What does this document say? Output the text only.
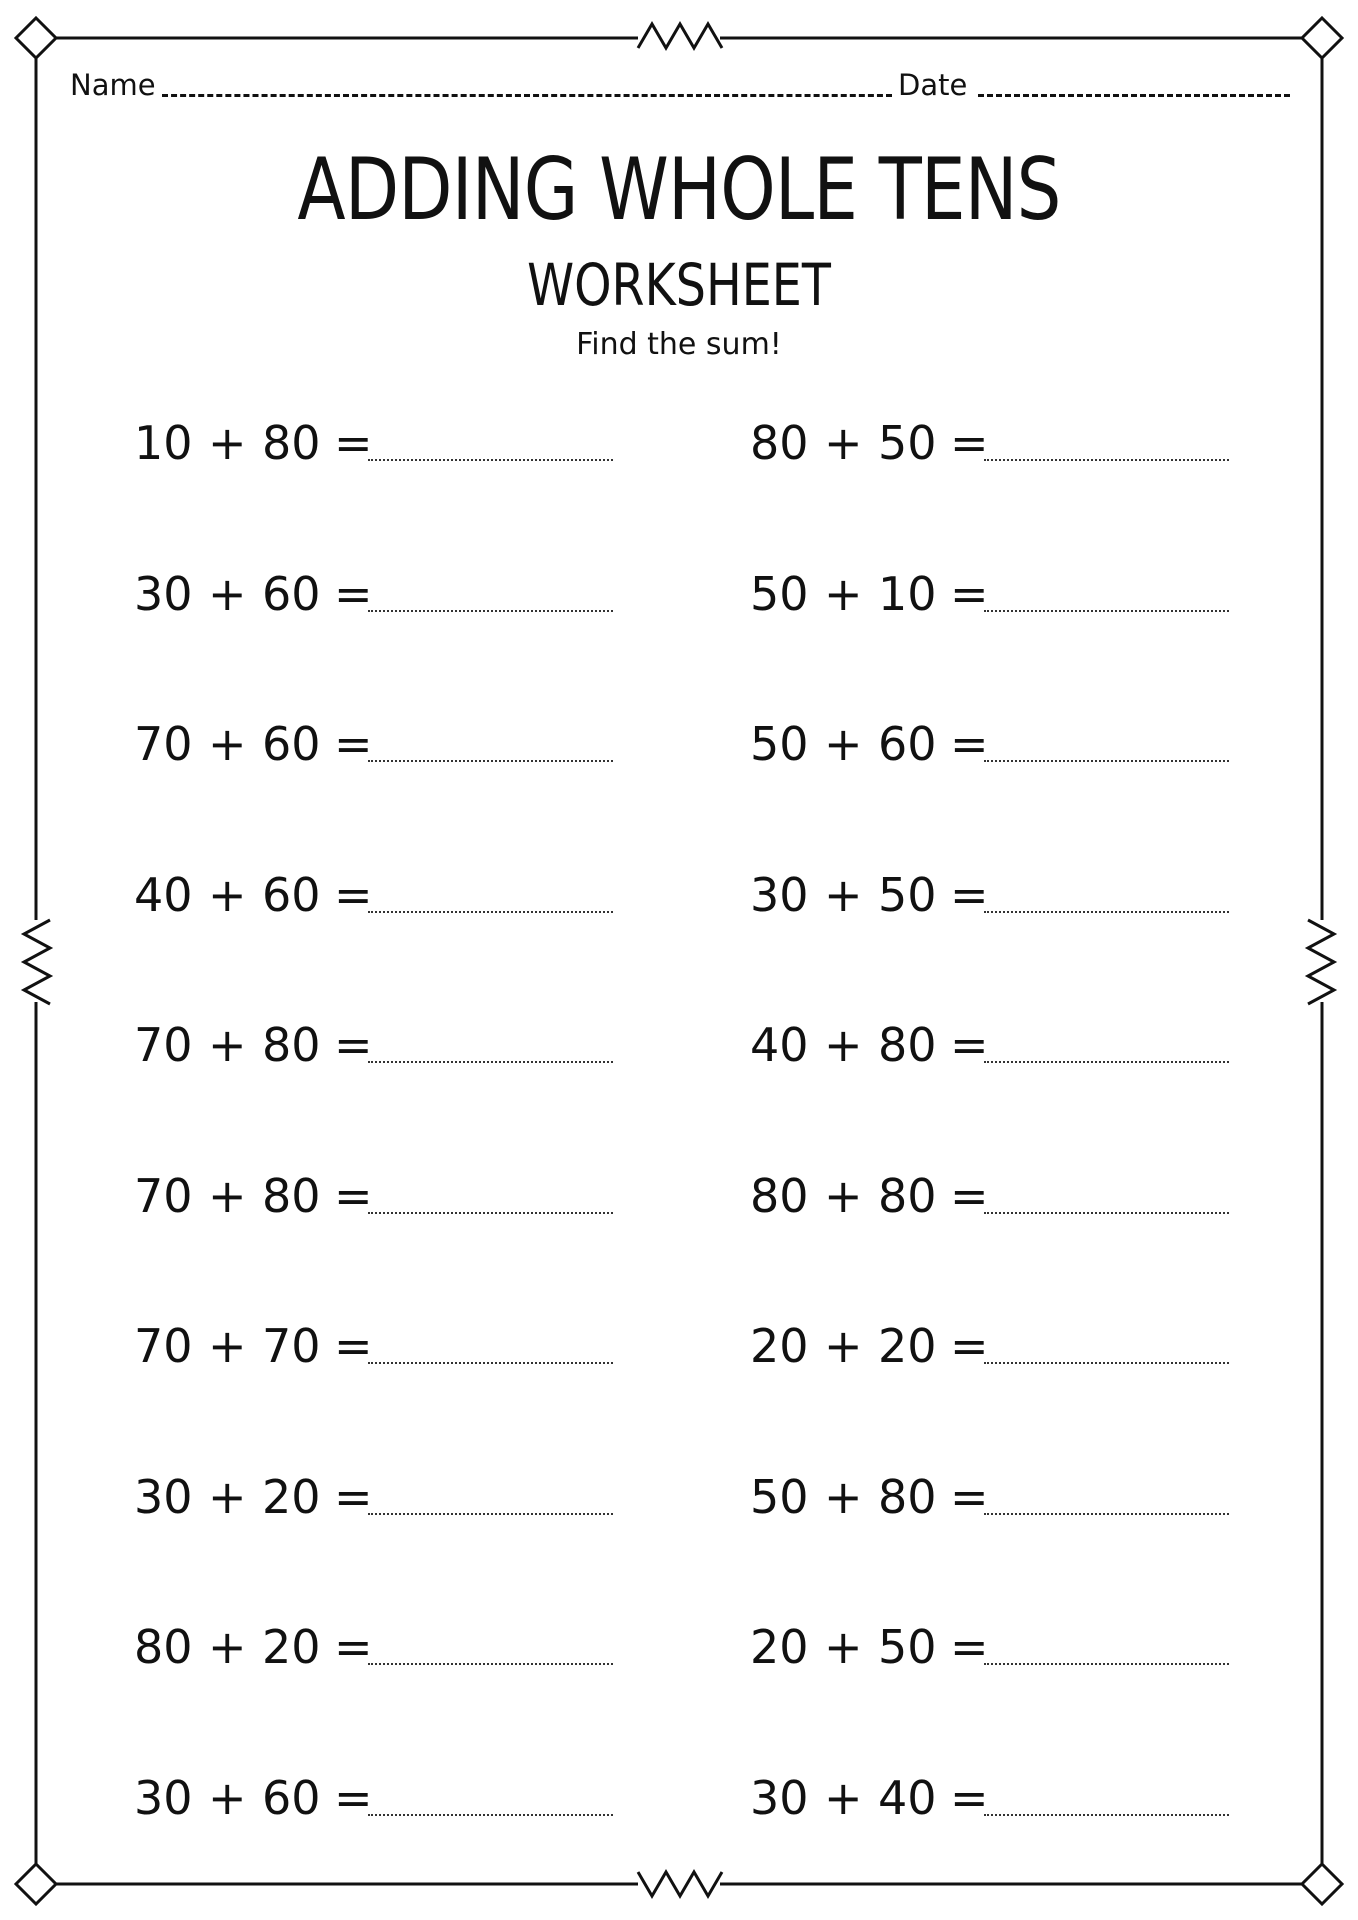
Name	Date
ADDING WHOLE TENS
WORKSHEET
Find the sum!
10 + 80 =
30 + 60 =
70 + 60 =
40 + 60 =
70 + 80 =
70 + 80 =
70 + 70 =
30 + 20 =
80 + 20 =
30 + 60 =
80 + 50 =
50 + 10 =
50 + 60 =
30 + 50 =
40 + 80 =
80 + 80 =
20 + 20 =
50 + 80 =
20 + 50 =
30 + 40 =
